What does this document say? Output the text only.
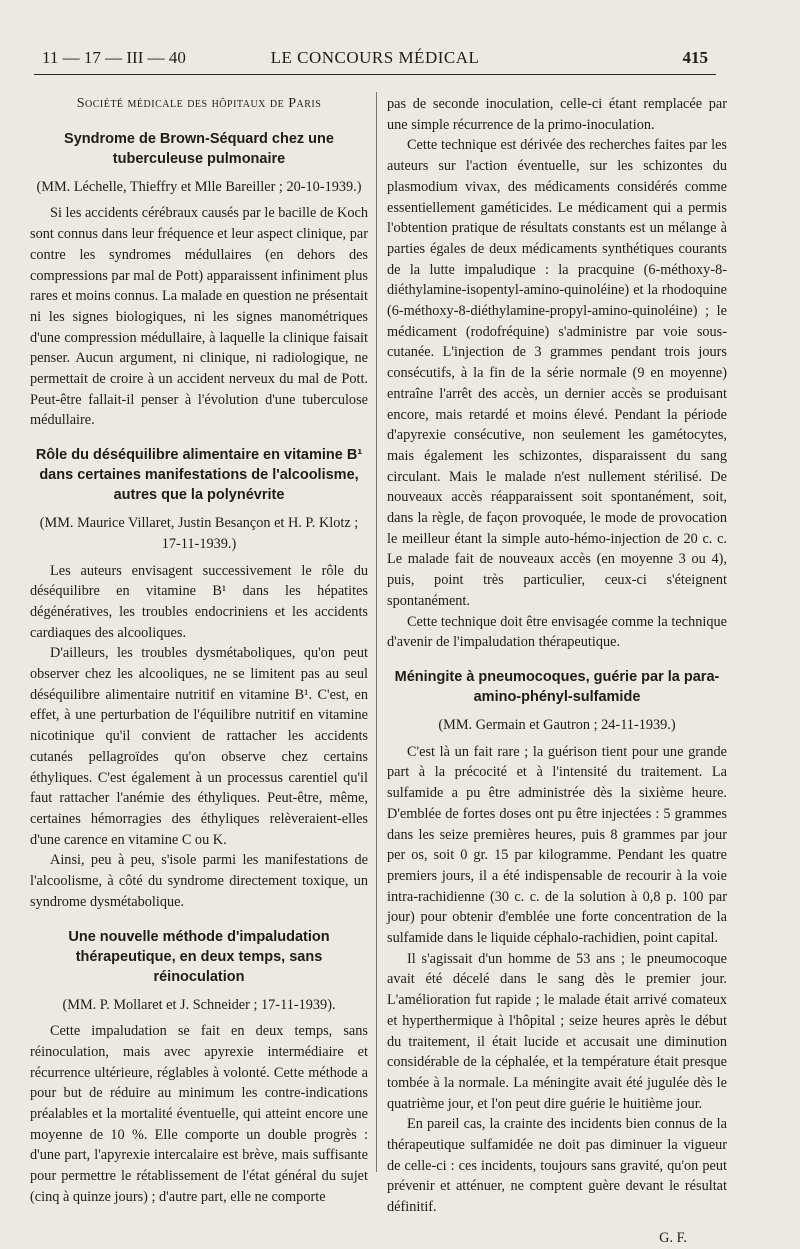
11 — 17 — III — 40	LE CONCOURS MÉDICAL	415

Société médicale des hôpitaux de Paris

Syndrome de Brown-Séquard chez une tuberculeuse pulmonaire

(MM. Léchelle, Thieffry et Mlle Bareiller ; 20-10-1939.)

Si les accidents cérébraux causés par le bacille de Koch sont connus dans leur fréquence et leur aspect clinique, par contre les syndromes médullaires (en dehors des compressions par mal de Pott) apparaissent infiniment plus rares et moins connus. La malade en question ne présentait ni les signes biologiques, ni les signes manométriques d'une compression médullaire, à laquelle la clinique faisait penser. Aucun argument, ni clinique, ni radiologique, ne permettait de croire à un accident nerveux du mal de Pott. Peut-être fallait-il penser à l'évolution d'une tuberculose médullaire.

Rôle du déséquilibre alimentaire en vitamine B¹ dans certaines manifestations de l'alcoolisme, autres que la polynévrite

(MM. Maurice Villaret, Justin Besançon et H. P. Klotz ; 17-11-1939.)

Les auteurs envisagent successivement le rôle du déséquilibre en vitamine B¹ dans les hépatites dégénératives, les troubles endocriniens et les accidents cardiaques des alcooliques.

D'ailleurs, les troubles dysmétaboliques, qu'on peut observer chez les alcooliques, ne se limitent pas au seul déséquilibre alimentaire nutritif en vitamine B¹. C'est, en effet, à une perturbation de l'équilibre nutritif en vitamine nicotinique qu'il convient de rattacher les accidents cutanés pellagroïdes qu'on observe chez certains éthyliques. C'est également à un processus carentiel qu'il faut rattacher l'anémie des éthyliques. Peut-être, même, certaines hémorragies des éthyliques relèveraient-elles d'une carence en vitamine C ou K.

Ainsi, peu à peu, s'isole parmi les manifestations de l'alcoolisme, à côté du syndrome directement toxique, un syndrome dysmétabolique.

Une nouvelle méthode d'impaludation thérapeutique, en deux temps, sans réinoculation

(MM. P. Mollaret et J. Schneider ; 17-11-1939).

Cette impaludation se fait en deux temps, sans réinoculation, mais avec apyrexie intermédiaire et récurrence ultérieure, réglables à volonté. Cette méthode a pour but de réduire au minimum les contre-indications préalables et la mortalité éventuelle, qui atteint encore une moyenne de 10 %. Elle comporte un double progrès : d'une part, l'apyrexie intercalaire est brève, mais suffisante pour permettre le rétablissement de l'état général du sujet (cinq à quinze jours) ; d'autre part, elle ne comporte

pas de seconde inoculation, celle-ci étant remplacée par une simple récurrence de la primo-inoculation.

Cette technique est dérivée des recherches faites par les auteurs sur l'action éventuelle, sur les schizontes du plasmodium vivax, des médicaments considérés comme essentiellement gaméticides. Le médicament qui a permis l'obtention pratique de résultats constants est un mélange à parties égales de deux médicaments synthétiques courants de la lutte impaludique : la pracquine (6-méthoxy-8-diéthylamine-isopentyl-amino-quinoléine) et la rhodoquine (6-méthoxy-8-diéthylamine-propyl-amino-quinoléine) ; le médicament (rodofréquine) s'administre par voie sous-cutanée. L'injection de 3 grammes pendant trois jours consécutifs, à la fin de la série normale (9 en moyenne) entraîne l'arrêt des accès, un dernier accès se produisant encore, mais retardé et moins élevé. Pendant la période d'apyrexie consécutive, non seulement les gamétocytes, mais également les schizontes, disparaissent du sang circulant. Mais le malade n'est nullement stérilisé. De nouveaux accès réapparaissent soit spontanément, soit, dans la règle, de façon provoquée, le mode de provocation le meilleur étant la simple auto-hémo-injection de 20 c. c. Le malade fait de nouveaux accès (en moyenne 3 ou 4), puis, point très particulier, ceux-ci s'éteignent spontanément.

Cette technique doit être envisagée comme la technique d'avenir de l'impaludation thérapeutique.

Méningite à pneumocoques, guérie par la para-amino-phényl-sulfamide

(MM. Germain et Gautron ; 24-11-1939.)

C'est là un fait rare ; la guérison tient pour une grande part à la précocité et à l'intensité du traitement. La sulfamide a pu être administrée dès la sixième heure. D'emblée de fortes doses ont pu être injectées : 5 grammes dans les seize premières heures, puis 8 grammes par jour per os, soit 0 gr. 15 par kilogramme. Pendant les quatre premiers jours, il a été indispensable de recourir à la voie intra-rachidienne (30 c. c. de la solution à 0,8 p. 100 par jour) pour obtenir d'emblée une forte concentration de la sulfamide dans le liquide céphalo-rachidien, point capital.

Il s'agissait d'un homme de 53 ans ; le pneumocoque avait été décelé dans le sang dès le premier jour. L'amélioration fut rapide ; le malade était arrivé comateux et hyperthermique à l'hôpital ; seize heures après le début du traitement, il était lucide et accusait une diminution considérable de la céphalée, et la température était presque tombée à la normale. La méningite avait été jugulée dès le quatrième jour, et l'on peut dire guérie le huitième jour.

En pareil cas, la crainte des incidents bien connus de la thérapeutique sulfamidée ne doit pas diminuer la vigueur de celle-ci : ces incidents, toujours sans gravité, qu'on peut prévenir et atténuer, ne comptent guère devant le résultat définitif.

G. F.
